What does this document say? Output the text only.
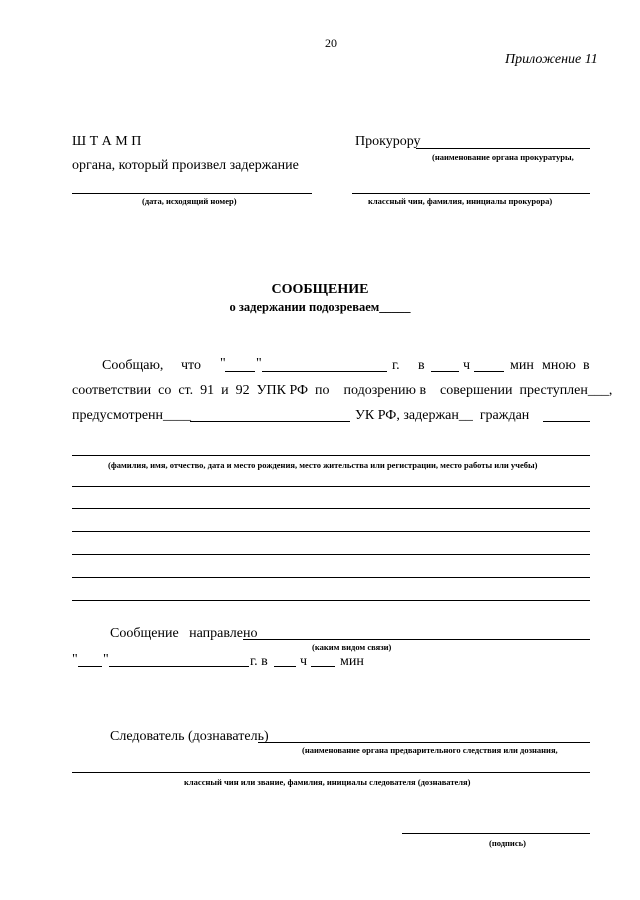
20
Приложение 11
Ш Т А М П
органа, который произвел задержание
(дата, исходящий номер)
Прокурору
(наименование органа прокуратуры,
классный чин, фамилия, инициалы прокурора)
СООБЩЕНИЕ
о задержании подозреваем_____
Сообщаю, что " "	г. в	ч	мин мною в
соответствии  со  ст.  91  и  92  УПК РФ  по    подозрению в    совершении  преступлен___,
предусмотренн____	УК РФ, задержан__  граждан
(фамилия, имя, отчество, дата и место рождения, место жительства или регистрации, место работы или учебы)
Сообщение   направлено
(каким видом связи)
" "	г. в ч мин
Следователь (дознаватель)
(наименование органа предварительного следствия или дознания,
классный чин или звание, фамилия, инициалы следователя (дознавателя)
(подпись)
